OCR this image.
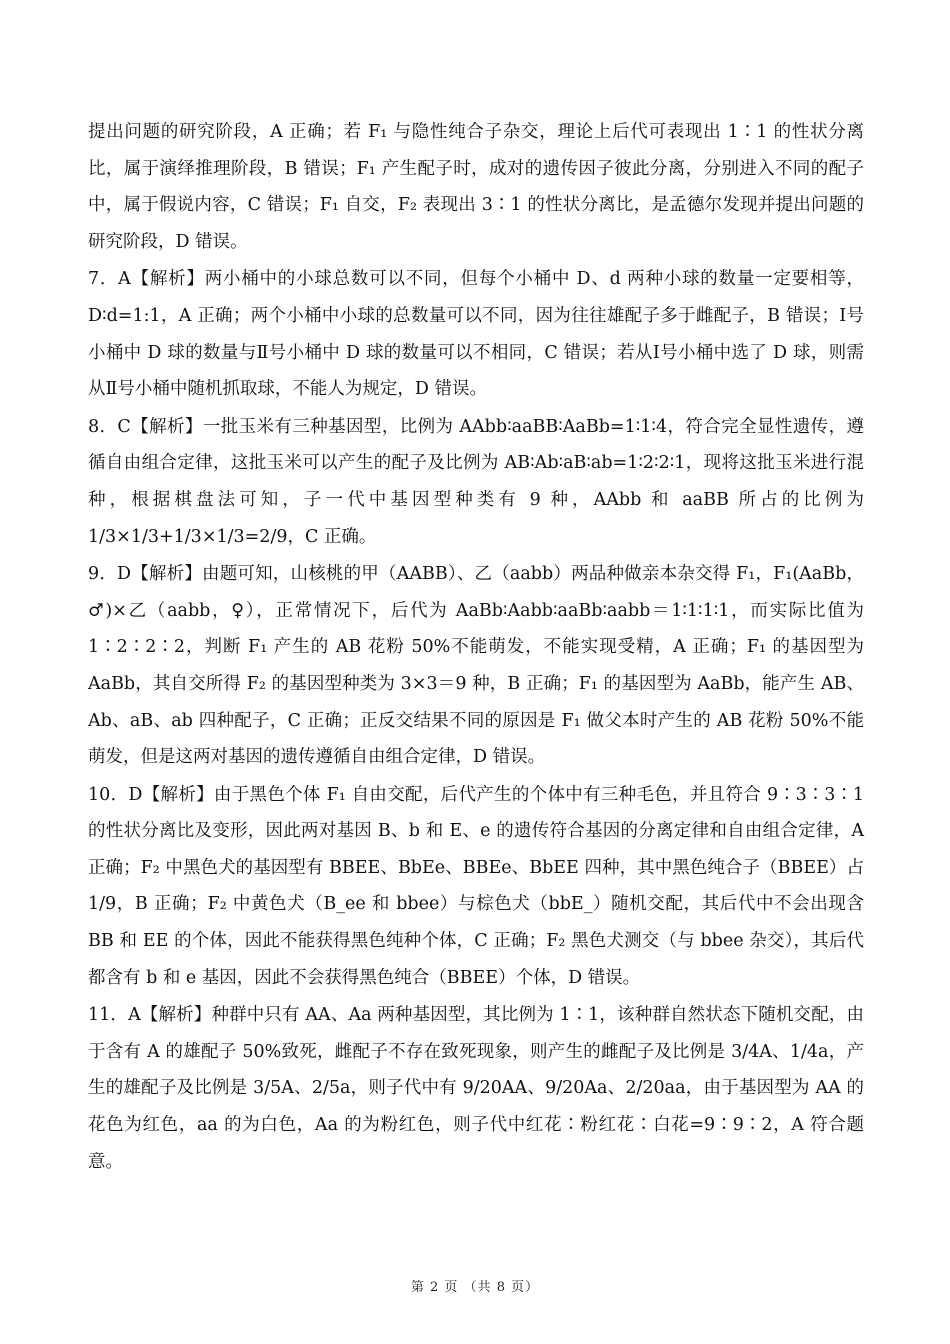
提出问题的研究阶段，A 正确；若 F₁ 与隐性纯合子杂交，理论上后代可表现出 1∶1 的性状分离比，属于演绎推理阶段，B 错误；F₁ 产生配子时，成对的遗传因子彼此分离，分别进入不同的配子中，属于假说内容，C 错误；F₁ 自交，F₂ 表现出 3∶1 的性状分离比，是孟德尔发现并提出问题的研究阶段，D 错误。

7．A【解析】两小桶中的小球总数可以不同，但每个小桶中 D、d 两种小球的数量一定要相等，D∶d=1:1，A 正确；两个小桶中小球的总数量可以不同，因为往往雄配子多于雌配子，B 错误；Ⅰ号小桶中 D 球的数量与Ⅱ号小桶中 D 球的数量可以不相同，C 错误；若从Ⅰ号小桶中选了 D 球，则需从Ⅱ号小桶中随机抓取球，不能人为规定，D 错误。

8．C【解析】一批玉米有三种基因型，比例为 AAbb∶aaBB∶AaBb=1∶1∶4，符合完全显性遗传，遵循自由组合定律，这批玉米可以产生的配子及比例为 AB∶Ab∶aB∶ab=1∶2∶2∶1，现将这批玉米进行混种，根据棋盘法可知，子一代中基因型种类有 9 种，AAbb 和 aaBB 所占的比例为 1/3×1/3+1/3×1/3=2/9，C 正确。

9．D【解析】由题可知，山核桃的甲（AABB）、乙（aabb）两品种做亲本杂交得 F₁，F₁(AaBb，♂)×乙（aabb，♀），正常情况下，后代为 AaBb∶Aabb∶aaBb∶aabb＝1∶1∶1∶1，而实际比值为 1∶2∶2∶2，判断 F₁ 产生的 AB 花粉 50%不能萌发，不能实现受精，A 正确；F₁ 的基因型为 AaBb，其自交所得 F₂ 的基因型种类为 3×3＝9 种，B 正确；F₁ 的基因型为 AaBb，能产生 AB、Ab、aB、ab 四种配子，C 正确；正反交结果不同的原因是 F₁ 做父本时产生的 AB 花粉 50%不能萌发，但是这两对基因的遗传遵循自由组合定律，D 错误。

10．D【解析】由于黑色个体 F₁ 自由交配，后代产生的个体中有三种毛色，并且符合 9∶3∶3∶1 的性状分离比及变形，因此两对基因 B、b 和 E、e 的遗传符合基因的分离定律和自由组合定律，A 正确；F₂ 中黑色犬的基因型有 BBEE、BbEe、BBEe、BbEE 四种，其中黑色纯合子（BBEE）占 1/9，B 正确；F₂ 中黄色犬（B_ee 和 bbee）与棕色犬（bbE_）随机交配，其后代中不会出现含 BB 和 EE 的个体，因此不能获得黑色纯种个体，C 正确；F₂ 黑色犬测交（与 bbee 杂交），其后代都含有 b 和 e 基因，因此不会获得黑色纯合（BBEE）个体，D 错误。

11．A【解析】种群中只有 AA、Aa 两种基因型，其比例为 1∶1，该种群自然状态下随机交配，由于含有 A 的雄配子 50%致死，雌配子不存在致死现象，则产生的雌配子及比例是 3/4A、1/4a，产生的雄配子及比例是 3/5A、2/5a，则子代中有 9/20AA、9/20Aa、2/20aa，由于基因型为 AA 的花色为红色，aa 的为白色，Aa 的为粉红色，则子代中红花∶粉红花∶白花=9∶9∶2，A 符合题意。

第 2 页 （共 8 页）
